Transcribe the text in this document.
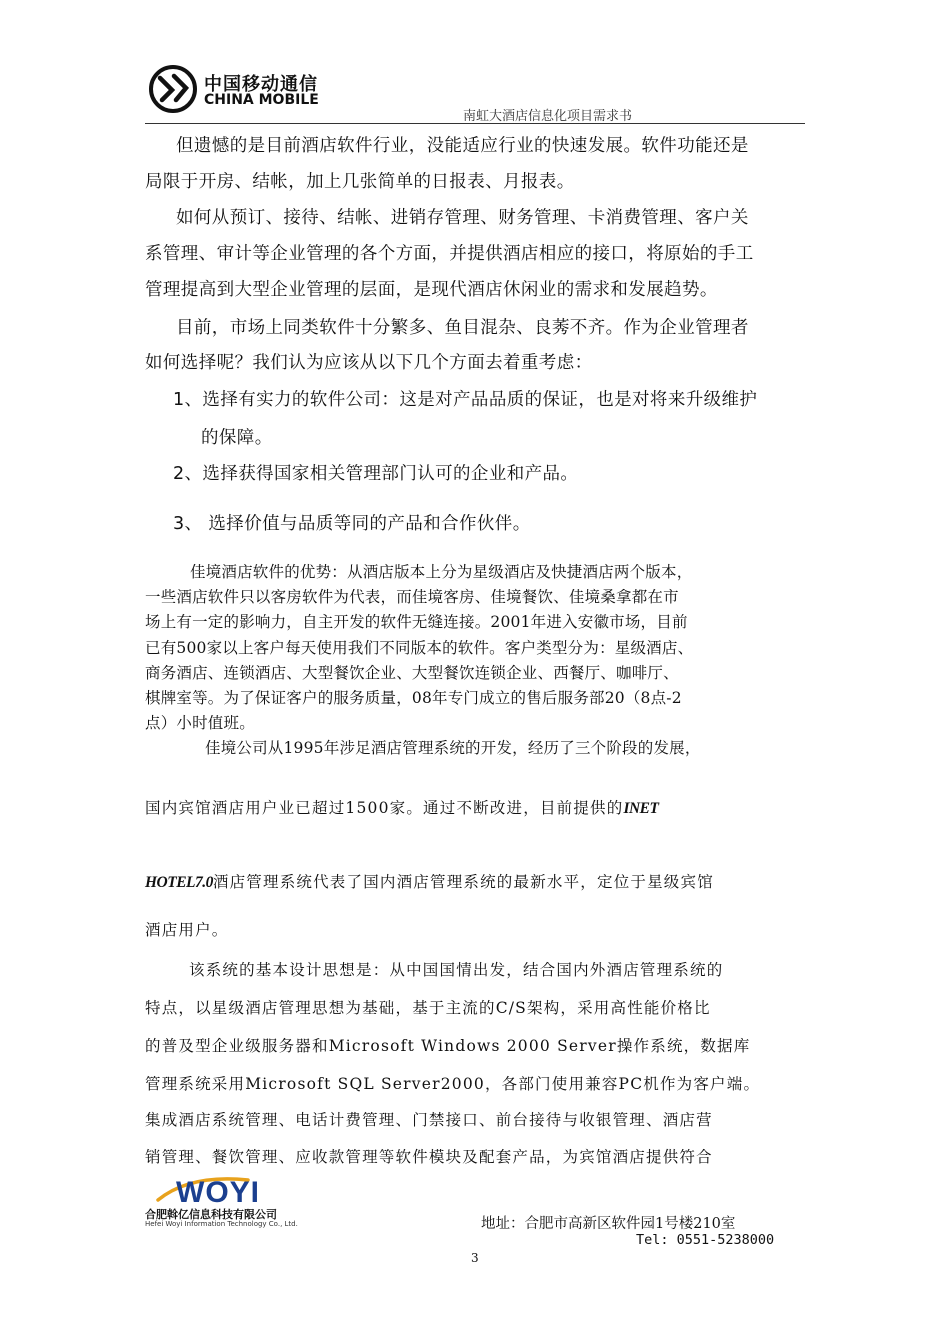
中国移动通信
CHINA MOBILE
南虹大酒店信息化项目需求书
但遗憾的是目前酒店软件行业，没能适应行业的快速发展。软件功能还是
局限于开房、结帐，加上几张简单的日报表、月报表。
如何从预订、接待、结帐、进销存管理、财务管理、卡消费管理、客户关
系管理、审计等企业管理的各个方面，并提供酒店相应的接口，将原始的手工
管理提高到大型企业管理的层面，是现代酒店休闲业的需求和发展趋势。
目前，市场上同类软件十分繁多、鱼目混杂、良莠不齐。作为企业管理者
如何选择呢？我们认为应该从以下几个方面去着重考虑：
1、选择有实力的软件公司：这是对产品品质的保证，也是对将来升级维护
的保障。
2、选择获得国家相关管理部门认可的企业和产品。
3、 选择价值与品质等同的产品和合作伙伴。
佳境酒店软件的优势：从酒店版本上分为星级酒店及快捷酒店两个版本，
一些酒店软件只以客房软件为代表，而佳境客房、佳境餐饮、佳境桑拿都在市
场上有一定的影响力，自主开发的软件无缝连接。2001年进入安徽市场，目前
已有500家以上客户每天使用我们不同版本的软件。客户类型分为：星级酒店、
商务酒店、连锁酒店、大型餐饮企业、大型餐饮连锁企业、西餐厅、咖啡厅、
棋牌室等。为了保证客户的服务质量，08年专门成立的售后服务部20（8点-2
点）小时值班。
佳境公司从1995年涉足酒店管理系统的开发，经历了三个阶段的发展，
国内宾馆酒店用户业已超过1500家。通过不断改进，目前提供的INET
HOTEL7.0酒店管理系统代表了国内酒店管理系统的最新水平，定位于星级宾馆
酒店用户。
该系统的基本设计思想是：从中国国情出发，结合国内外酒店管理系统的
特点，以星级酒店管理思想为基础，基于主流的C/S架构，采用高性能价格比
的普及型企业级服务器和Microsoft Windows 2000 Server操作系统，数据库
管理系统采用Microsoft SQL Server2000，各部门使用兼容PC机作为客户端。
集成酒店系统管理、电话计费管理、门禁接口、前台接待与收银管理、酒店营
销管理、餐饮管理、应收款管理等软件模块及配套产品，为宾馆酒店提供符合
WOYI
合肥斡亿信息科技有限公司
Hefei Woyi Information Technology Co., Ltd.	地址：合肥市高新区软件园1号楼210室
Tel: 0551-5238000
3
